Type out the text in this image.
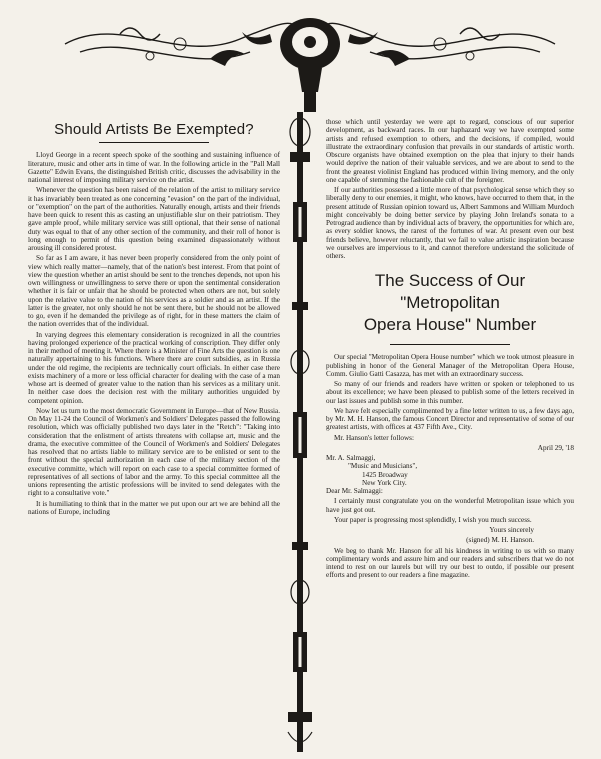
Should Artists Be Exempted?

Lloyd George in a recent speech spoke of the soothing and sustaining influence of literature, music and other arts in time of war. In the following article in the "Pall Mall Gazette" Edwin Evans, the distinguished British critic, discusses the advisability in the national interest of imposing military service on the artist.

Whenever the question has been raised of the relation of the artist to military service it has invariably been treated as one concerning "evasion" on the part of the individual, or "exemption" on the part of the authorities. Naturally enough, artists and their friends have been quick to resent this as casting an unjustifiable slur on their patriotism. They gave ample proof, while military service was still optional, that their sense of national duty was equal to that of any other section of the community, and their roll of honor is long enough to permit of this question being examined dispassionately without arousing ill considered protest.

So far as I am aware, it has never been properly considered from the only point of view which really matter—namely, that of the nation's best interest. From that point of view the question whether an artist should be sent to the trenches depends, not upon his own willingness or unwillingness to serve there or upon the sentimental consideration whether it is fair or unfair that he should be protected when others are not, but solely upon the relative value to the nation of his services as a soldier and as an artist. If the latter is the greater, not only should he not be sent there, but he should not be allowed to go, even if he demanded the privilege as of right, for in these matters the claim of the nation overrides that of the individual.

In varying degrees this elementary consideration is recognized in all the countries having prolonged experience of the practical working of conscription. They differ only in their method of meeting it. Where there is a Minister of Fine Arts the question is one naturally appertaining to his functions. Where there are court subsidies, as in Russia under the old regime, the recipients are technically court officials. In either case there exists machinery of a more or less official character for dealing with the case of a man whose art is deemed of greater value to the nation than his services as a military unit. In neither case does the decision rest with the military authorities unguided by competent opinion.

Now let us turn to the most democratic Government in Europe—that of New Russia. On May 11-24 the Council of Workmen's and Soldiers' Delegates passed the following resolution, which was officially published two days later in the "Retch": "Taking into consideration that the enlistment of artists threatens with collapse art, music and the drama, the executive committee of the Council of Workmen's and Soldiers' Delegates has resolved that no artists liable to military service are to be enlisted or sent to the front without the special authorization in each case of the military section of the executive committe, which will report on each case to a special committee formed of representatives of all sections of labor and the army. To this special committee all the unions representing the artistic professions will be invited to send delegates with the right to a consultative vote."

It is humiliating to think that in the matter we put upon our art we are behind all the nations of Europe, including

those which until yesterday we were apt to regard, conscious of our superior development, as backward races. In our haphazard way we have exempted some artists and refused exemption to others, and the decisions, if compiled, would illustrate the extraordinary confusion that prevails in our standards of artistic worth. Obscure organists have obtained exemption on the plea that injury to their hands would deprive the nation of their valuable services, and we are about to send to the front the greatest violinist England has produced within living memory, and the only one capable of stemming the fashionable cult of the foreigner.

If our authorities possessed a little more of that psychological sense which they so liberally deny to our enemies, it might, who knows, have occurred to them that, in the present attitude of Russian opinion toward us, Albert Sammons and William Murdoch might conceivably be doing better service by playing John Ireland's sonata to a Petrograd audience than by individual acts of bravery, the opportunities for which are, as every soldier knows, the rarest of the fortunes of war. At present even our best friends believe, however reluctantly, that we fail to value artistic inspiration because we ourselves are impervious to it, and cannot therefore understand the solicitude of others.

The Success of Our "Metropolitan
Opera House" Number

Our special "Metropolitan Opera House number" which we took utmost pleasure in publishing in honor of the General Manager of the Metropolitan Opera House, Comm. Giulio Gatti Casazza, has met with an extraordinary success.

So many of our friends and readers have written or spoken or telephoned to us about its excellence; we have been pleased to publish some of the letters received in our last issues and publish some in this number.

We have felt especially complimented by a fine letter written to us, a few days ago, by Mr. M. H. Hanson, the famous Concert Director and representative of some of our greatest artists, with offices at 437 Fifth Ave., City.

Mr. Hanson's letter follows:

April 29, '18

Mr. A. Salmaggi,
"Music and Musicians",
1425 Broadway
New York City.

Dear Mr. Salmaggi:

I certainly must congratulate you on the wonderful Metropolitan issue which you have just got out.

Your paper is progressing most splendidly, I wish you much success.

Yours sincerely

(signed) M. H. Hanson.

We beg to thank Mr. Hanson for all his kindness in writing to us with so many complimentary words and assure him and our readers and subscribers that we do not intend to rest on our laurels but will try our best to outdo, if possible our present efforts and present to our readers a fine magazine.
